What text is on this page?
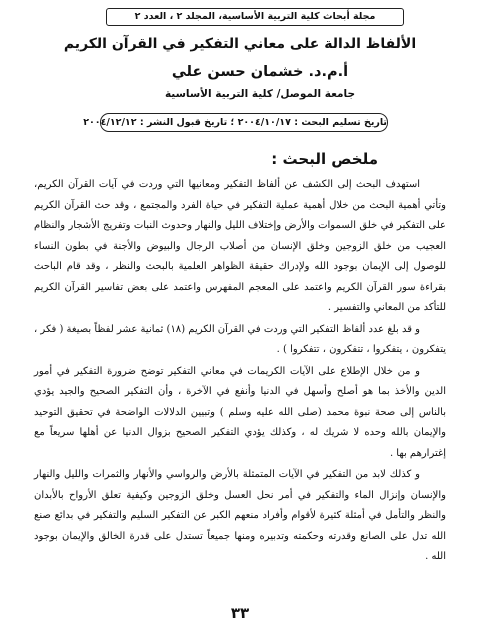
مجلة أبحاث كلية التربية الأساسية، المجلد ٢ ، العدد ٢
الألفاظ الدالة على معاني التفكير في القرآن الكريم
أ.م.د. خشمان حسن علي
جامعة الموصل/ كلية التربية الأساسية
تاريخ تسليم البحث : ٢٠٠٤/١٠/١٧ ؛ تاريخ قبول النشر : ٢٠٠٤/١٢/١٢
ملخص البحث :

استهدف البحث إلى الكشف عن ألفاظ التفكير ومعانيها التي وردت في آيات القرآن الكريم، وتأتي أهمية البحث من خلال أهمية عملية التفكير في حياة الفرد والمجتمع ، وقد حث القرآن الكريم على التفكير في خلق السموات والأرض وإختلاف الليل والنهار وحدوث النبات وتفريج الأشجار والنظام العجيب من خلق الزوجين وخلق الإنسان من أصلاب الرجال والبيوض والأجنة في بطون النساء للوصول إلى الإيمان بوجود الله ولإدراك حقيقة الظواهر العلمية بالبحث والنظر ، وقد قام الباحث بقراءة سور القرآن الكريم واعتمد على المعجم المفهرس واعتمد على بعض تفاسير القرآن الكريم للتأكد من المعاني والتفسير .

و قد بلغ عدد ألفاظ التفكير التي وردت في القرآن الكريم (١٨) ثمانية عشر لفظاً بصيغة ( فكر ، يتفكرون ، يتفكروا ، تتفكرون ، تتفكروا ) .

و من خلال الإطلاع على الآيات الكريمات في معاني التفكير توضح ضرورة التفكير في أمور الدين والأخذ بما هو أصلح وأسهل في الدنيا وأنفع في الآخرة ، وأن التفكير الصحيح والجيد يؤدي بالناس إلى صحة نبوة محمد (صلى الله عليه وسلم ) وتبيين الدلالات الواضحة في تحقيق التوحيد والإيمان بالله وحده لا شريك له ، وكذلك يؤدي التفكير الصحيح بزوال الدنيا عن أهلها سريعاً مع إغترارهم بها .

و كذلك لابد من التفكير في الآيات المتمثلة بالأرض والرواسي والأنهار والثمرات والليل والنهار والإنسان وإنزال الماء والتفكير في أمر نحل العسل وخلق الزوجين وكيفية تعلق الأرواح بالأبدان والنظر والتأمل في أمثلة كثيرة لأقوام وأفراد منعهم الكبر عن التفكير السليم والتفكير في بدائع صنع الله تدل على الصانع وقدرته وحكمته وتدبيره ومنها جميعاً تستدل على قدرة الخالق والإيمان بوجود الله .

٣٣
